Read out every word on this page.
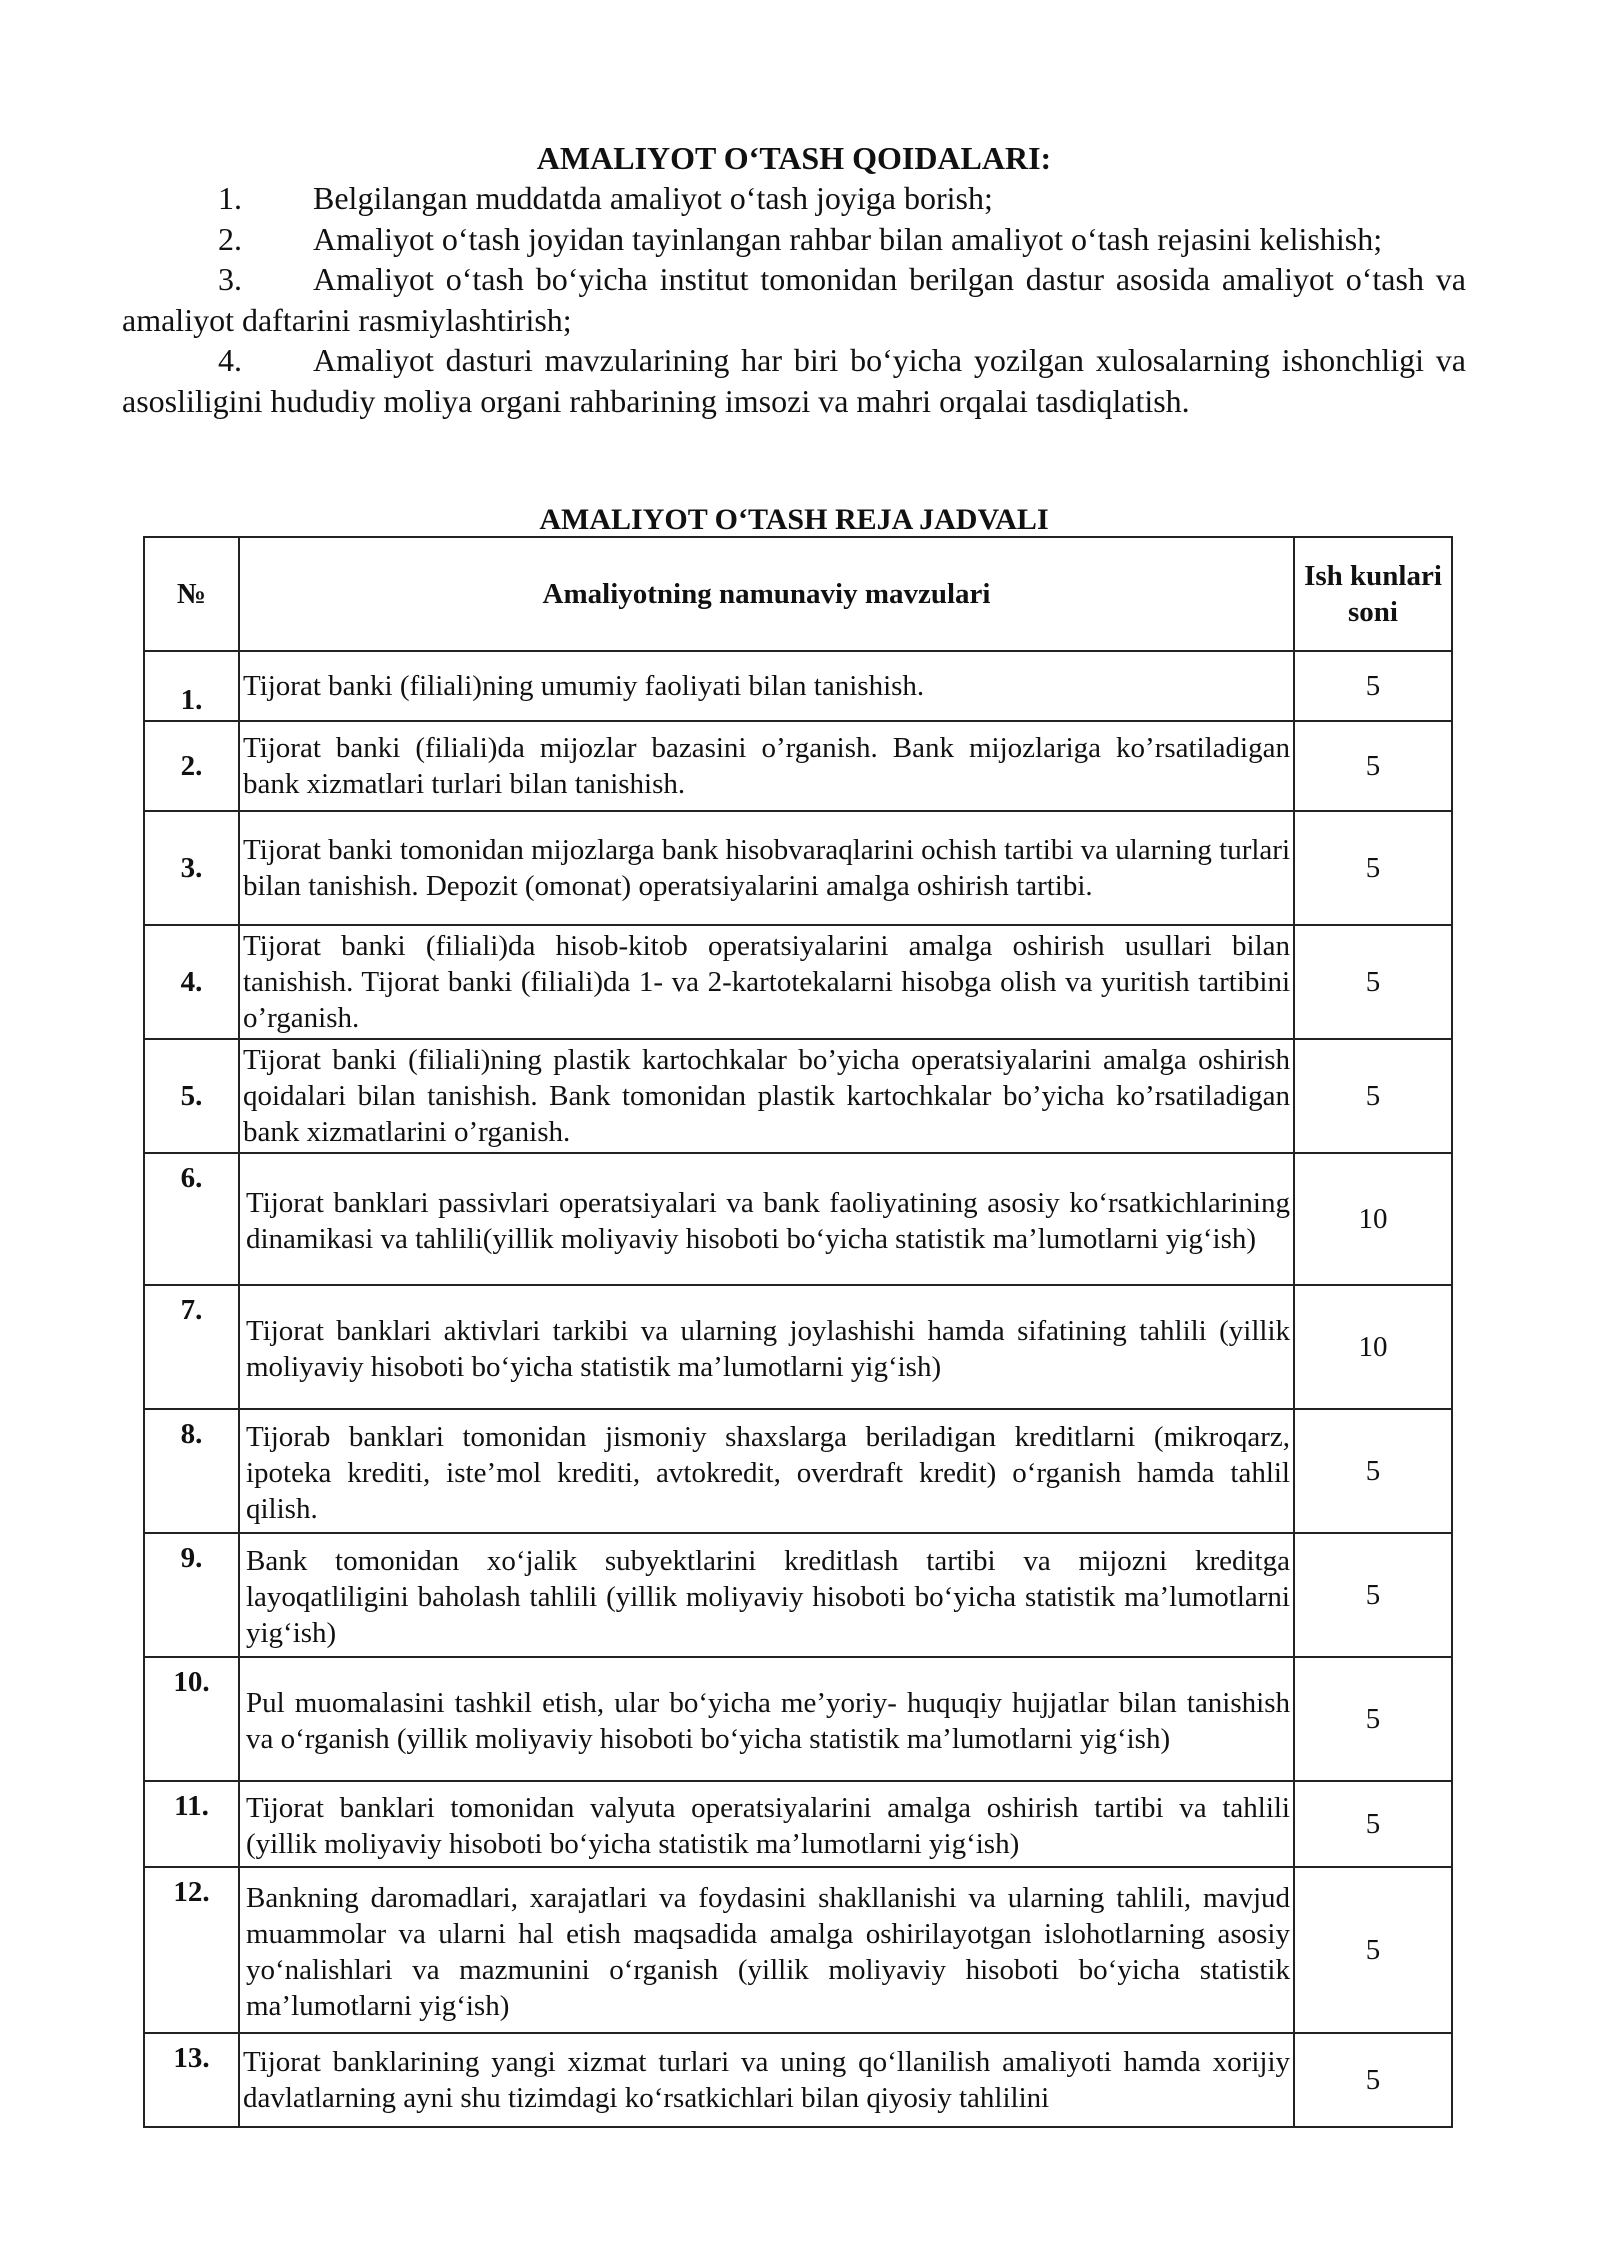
AMALIYOT O‘TASH QOIDALARI:
1. Belgilangan muddatda amaliyot o‘tash joyiga borish;
2. Amaliyot o‘tash joyidan tayinlangan rahbar bilan amaliyot o‘tash rejasini kelishish;
3. Amaliyot o‘tash bo‘yicha institut tomonidan berilgan dastur asosida amaliyot o‘tash va amaliyot daftarini rasmiylashtirish;
4. Amaliyot dasturi mavzularining har biri bo‘yicha yozilgan xulosalarning ishonchligi va asosliligini hududiy moliya organi rahbarining imsozi va mahri orqalai tasdiqlatish.
AMALIYOT O‘TASH REJA JADVALI
№	Amaliyotning namunaviy mavzulari	Ish kunlari soni
1.	Tijorat banki (filiali)ning umumiy faoliyati bilan tanishish.	5
2.	Tijorat banki (filiali)da mijozlar bazasini o’rganish. Bank mijozlariga ko’rsatiladigan bank xizmatlari turlari bilan tanishish.	5
3.	Tijorat banki tomonidan mijozlarga bank hisobvaraqlarini ochish tartibi va ularning turlari bilan tanishish. Depozit (omonat) operatsiyalarini amalga oshirish tartibi.	5
4.	Tijorat banki (filiali)da hisob-kitob operatsiyalarini amalga oshirish usullari bilan tanishish. Tijorat banki (filiali)da 1- va 2-kartotekalarni hisobga olish va yuritish tartibini o’rganish.	5
5.	Tijorat banki (filiali)ning plastik kartochkalar bo’yicha operatsiyalarini amalga oshirish qoidalari bilan tanishish. Bank tomonidan plastik kartochkalar bo’yicha ko’rsatiladigan bank xizmatlarini o’rganish.	5
6.	Tijorat banklari passivlari operatsiyalari va bank faoliyatining asosiy ko‘rsatkichlarining dinamikasi va tahlili(yillik moliyaviy hisoboti bo‘yicha statistik ma’lumotlarni yig‘ish)	10
7.	Tijorat banklari aktivlari tarkibi va ularning joylashishi hamda sifatining tahlili (yillik moliyaviy hisoboti bo‘yicha statistik ma’lumotlarni yig‘ish)	10
8.	Tijorab banklari tomonidan jismoniy shaxslarga beriladigan kreditlarni (mikroqarz, ipoteka krediti, iste’mol krediti, avtokredit, overdraft kredit) o‘rganish hamda tahlil qilish.	5
9.	Bank tomonidan xo‘jalik subyektlarini kreditlash tartibi va mijozni kreditga layoqatliligini baholash tahlili (yillik moliyaviy hisoboti bo‘yicha statistik ma’lumotlarni yig‘ish)	5
10.	Pul muomalasini tashkil etish, ular bo‘yicha me’yoriy- huquqiy hujjatlar bilan tanishish va o‘rganish (yillik moliyaviy hisoboti bo‘yicha statistik ma’lumotlarni yig‘ish)	5
11.	Tijorat banklari tomonidan valyuta operatsiyalarini amalga oshirish tartibi va tahlili (yillik moliyaviy hisoboti bo‘yicha statistik ma’lumotlarni yig‘ish)	5
12.	Bankning daromadlari, xarajatlari va foydasini shakllanishi va ularning tahlili, mavjud muammolar va ularni hal etish maqsadida amalga oshirilayotgan islohotlarning asosiy yo‘nalishlari va mazmunini o‘rganish (yillik moliyaviy hisoboti bo‘yicha statistik ma’lumotlarni yig‘ish)	5
13.	Tijorat banklarining yangi xizmat turlari va uning qo‘llanilish amaliyoti hamda xorijiy davlatlarning ayni shu tizimdagi ko‘rsatkichlari bilan qiyosiy tahlilini	5
